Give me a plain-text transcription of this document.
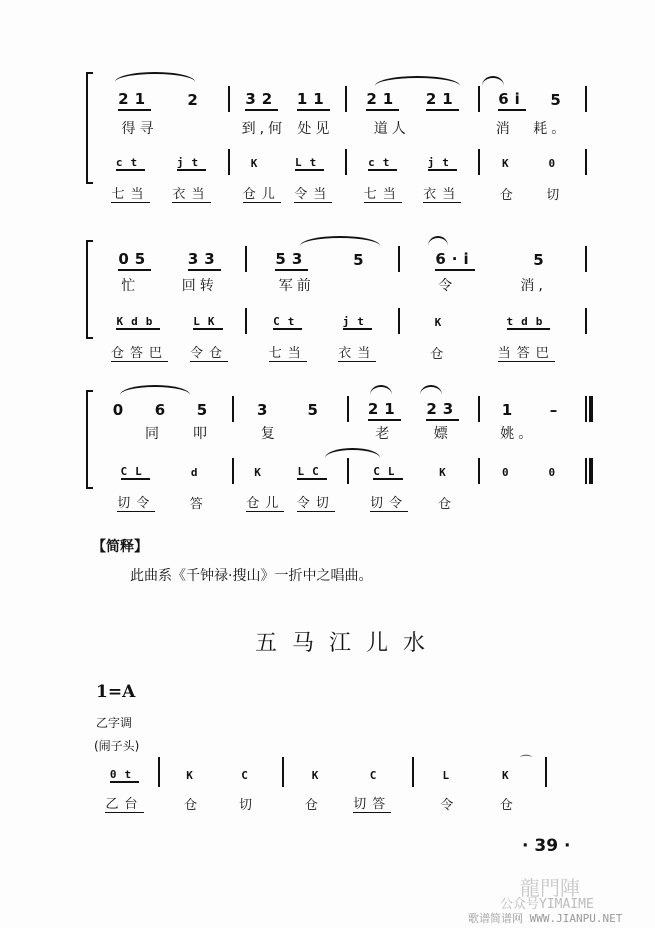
21 2
得寻
ct	jt
七当 衣当
32 11
到,何 处见
K	Lt
仓儿 令当
21 21
道人
ct	jt
七当 衣当
6i 5
消 耗。
K	0
仓 切
05 33
忙	回转
Kdb	LK
仓答巴 令仓
53	5
军前
Ct	jt
七当 衣当
6·i	5
令	消,
K	tdb
仓	当答巴
0 6 5
同 叩
CL	d
切令	答
3 5
复
K	LC
仓儿 令切
21 23
老	嫖
CL	K
切令 仓
1 –
姚。
0	0
【简释】
此曲系《千钟禄·搜山》一折中之唱曲。
五 马 江 儿 水
1=A
乙字调
(闹子头)
0t
乙台
K	C
仓	切
K	C
仓 切答
L	K
令	仓
⌒
· 39 ·
龍門陣
公众号YIMAIME
歌谱简谱网 WWW.JIANPU.NET
